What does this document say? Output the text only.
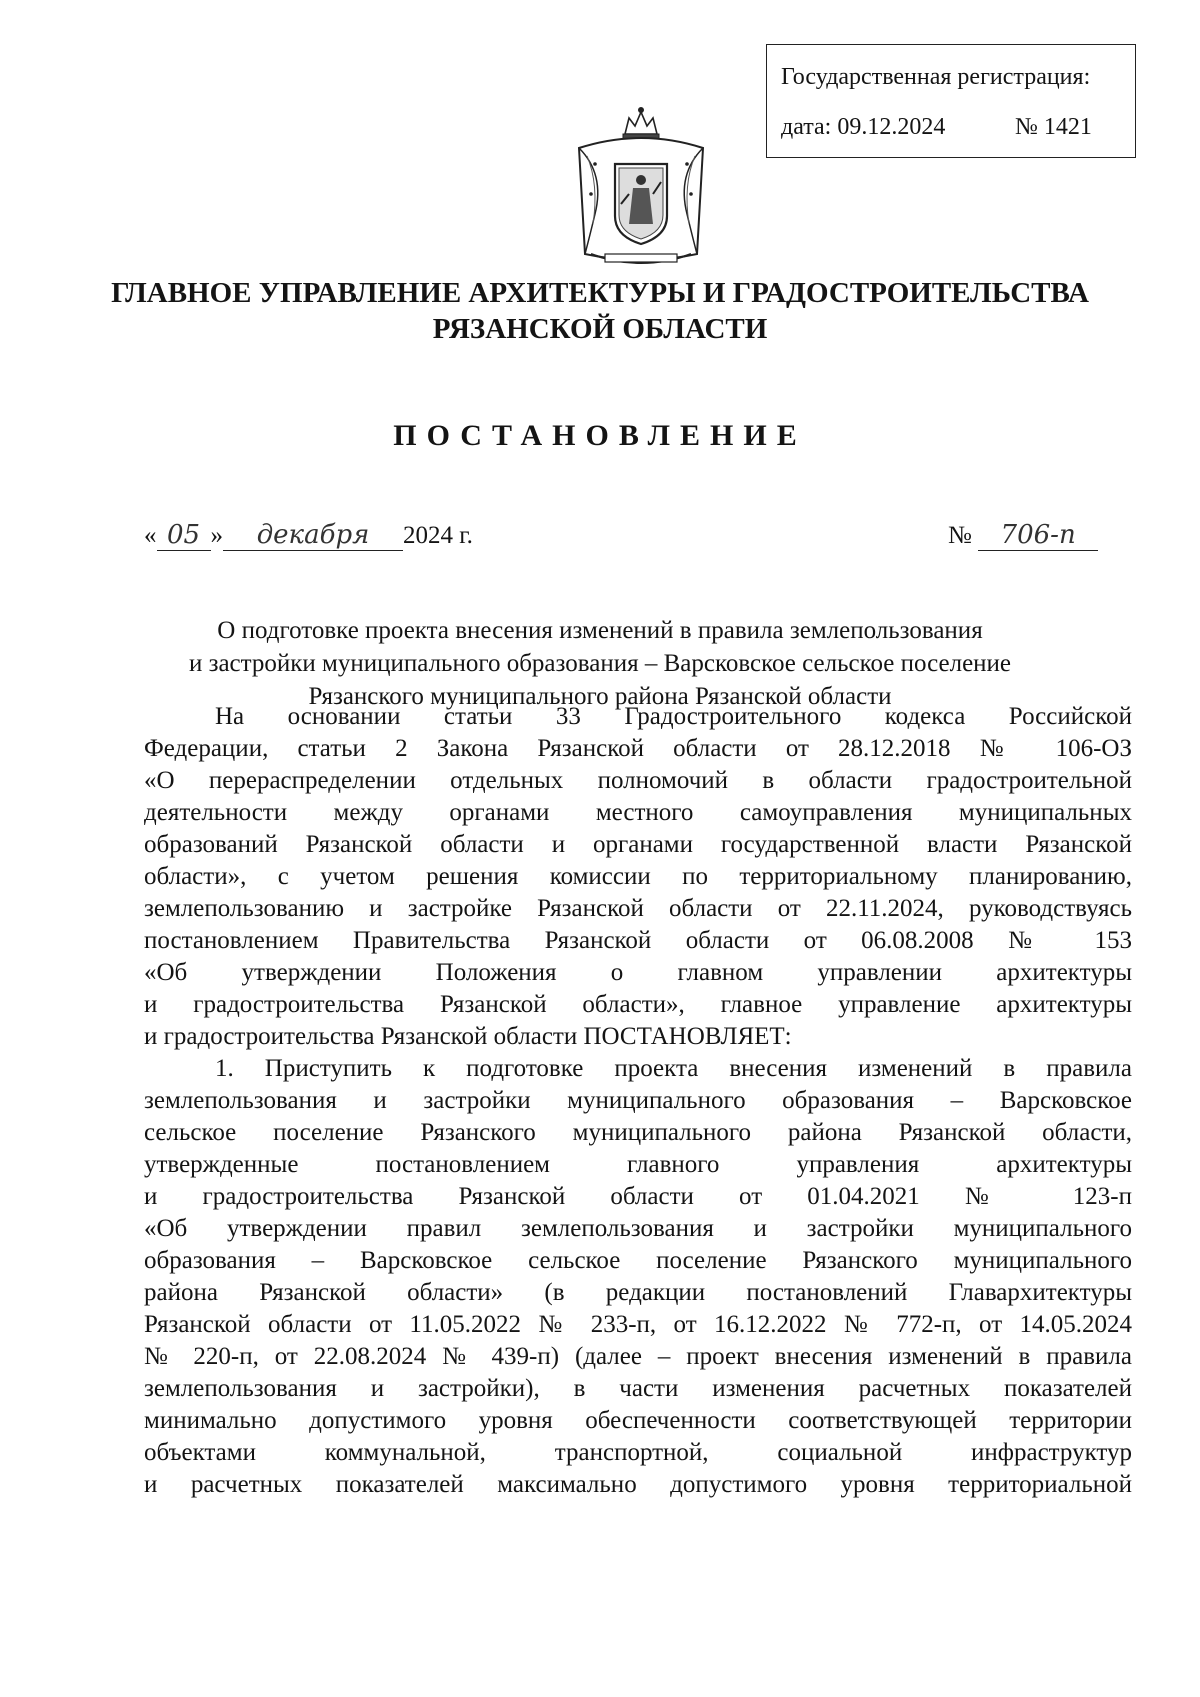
Государственная регистрация:
дата: 09.12.2024	№ 1421
ГЛАВНОЕ УПРАВЛЕНИЕ АРХИТЕКТУРЫ И ГРАДОСТРОИТЕЛЬСТВА
РЯЗАНСКОЙ ОБЛАСТИ
ПОСТАНОВЛЕНИЕ
« 05 » декабря 2024 г.	№ 706-п
О подготовке проекта внесения изменений в правила землепользования
и застройки муниципального образования – Варсковское сельское поселение
Рязанского муниципального района Рязанской области
На основании статьи 33 Градостроительного кодекса Российской
Федерации, статьи 2 Закона Рязанской области от 28.12.2018 № 106-ОЗ
«О перераспределении отдельных полномочий в области градостроительной
деятельности между органами местного самоуправления муниципальных
образований Рязанской области и органами государственной власти Рязанской
области», с учетом решения комиссии по территориальному планированию,
землепользованию и застройке Рязанской области от 22.11.2024, руководствуясь
постановлением Правительства Рязанской области от 06.08.2008 № 153
«Об утверждении Положения о главном управлении архитектуры
и градостроительства Рязанской области», главное управление архитектуры
и градостроительства Рязанской области ПОСТАНОВЛЯЕТ:
1. Приступить к подготовке проекта внесения изменений в правила
землепользования и застройки муниципального образования – Варсковское
сельское поселение Рязанского муниципального района Рязанской области,
утвержденные постановлением главного управления архитектуры
и градостроительства Рязанской области от 01.04.2021 № 123-п
«Об утверждении правил землепользования и застройки муниципального
образования – Варсковское сельское поселение Рязанского муниципального
района Рязанской области» (в редакции постановлений Главархитектуры
Рязанской области от 11.05.2022 № 233-п, от 16.12.2022 № 772-п, от 14.05.2024
№ 220-п, от 22.08.2024 № 439-п) (далее – проект внесения изменений в правила
землепользования и застройки), в части изменения расчетных показателей
минимально допустимого уровня обеспеченности соответствующей территории
объектами коммунальной, транспортной, социальной инфраструктур
и расчетных показателей максимально допустимого уровня территориальной
